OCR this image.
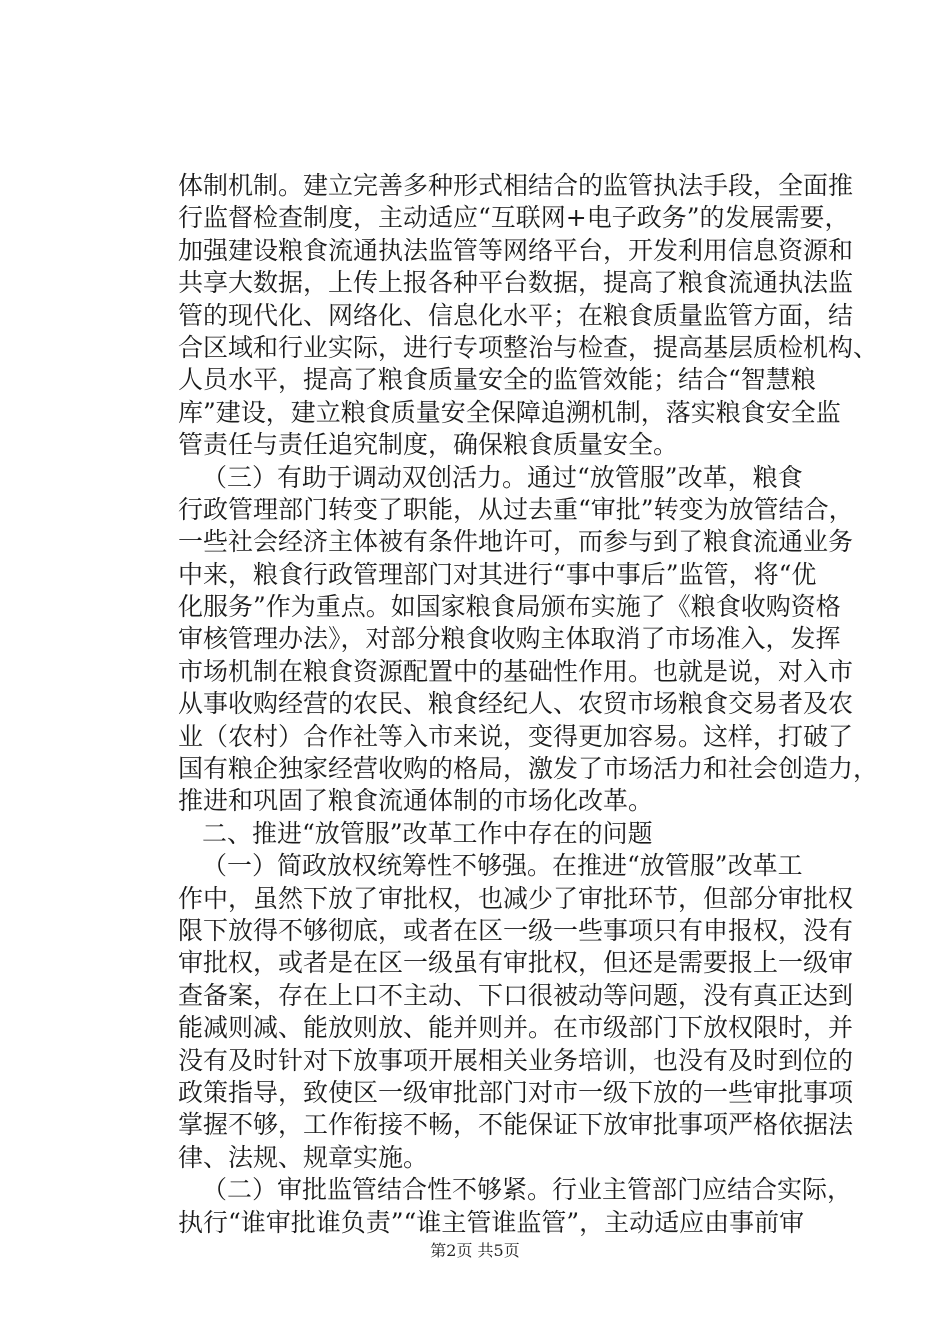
体制机制。建立完善多种形式相结合的监管执法手段，全面推
行监督检查制度，主动适应“互联网+电子政务”的发展需要，
加强建设粮食流通执法监管等网络平台，开发利用信息资源和
共享大数据，上传上报各种平台数据，提高了粮食流通执法监
管的现代化、网络化、信息化水平；在粮食质量监管方面，结
合区域和行业实际，进行专项整治与检查，提高基层质检机构、
人员水平，提高了粮食质量安全的监管效能；结合“智慧粮
库”建设，建立粮食质量安全保障追溯机制，落实粮食安全监
管责任与责任追究制度，确保粮食质量安全。
（三）有助于调动双创活力。通过“放管服”改革，粮食
行政管理部门转变了职能，从过去重“审批”转变为放管结合，
一些社会经济主体被有条件地许可，而参与到了粮食流通业务
中来，粮食行政管理部门对其进行“事中事后”监管，将“优
化服务”作为重点。如国家粮食局颁布实施了《粮食收购资格
审核管理办法》，对部分粮食收购主体取消了市场准入，发挥
市场机制在粮食资源配置中的基础性作用。也就是说，对入市
从事收购经营的农民、粮食经纪人、农贸市场粮食交易者及农
业（农村）合作社等入市来说，变得更加容易。这样，打破了
国有粮企独家经营收购的格局，激发了市场活力和社会创造力，
推进和巩固了粮食流通体制的市场化改革。
二、推进“放管服”改革工作中存在的问题
（一）简政放权统筹性不够强。在推进“放管服”改革工
作中，虽然下放了审批权，也减少了审批环节，但部分审批权
限下放得不够彻底，或者在区一级一些事项只有申报权，没有
审批权，或者是在区一级虽有审批权，但还是需要报上一级审
查备案，存在上口不主动、下口很被动等问题，没有真正达到
能减则减、能放则放、能并则并。在市级部门下放权限时，并
没有及时针对下放事项开展相关业务培训，也没有及时到位的
政策指导，致使区一级审批部门对市一级下放的一些审批事项
掌握不够，工作衔接不畅，不能保证下放审批事项严格依据法
律、法规、规章实施。
（二）审批监管结合性不够紧。行业主管部门应结合实际，
执行“谁审批谁负责”“谁主管谁监管”，主动适应由事前审
第2页 共5页
